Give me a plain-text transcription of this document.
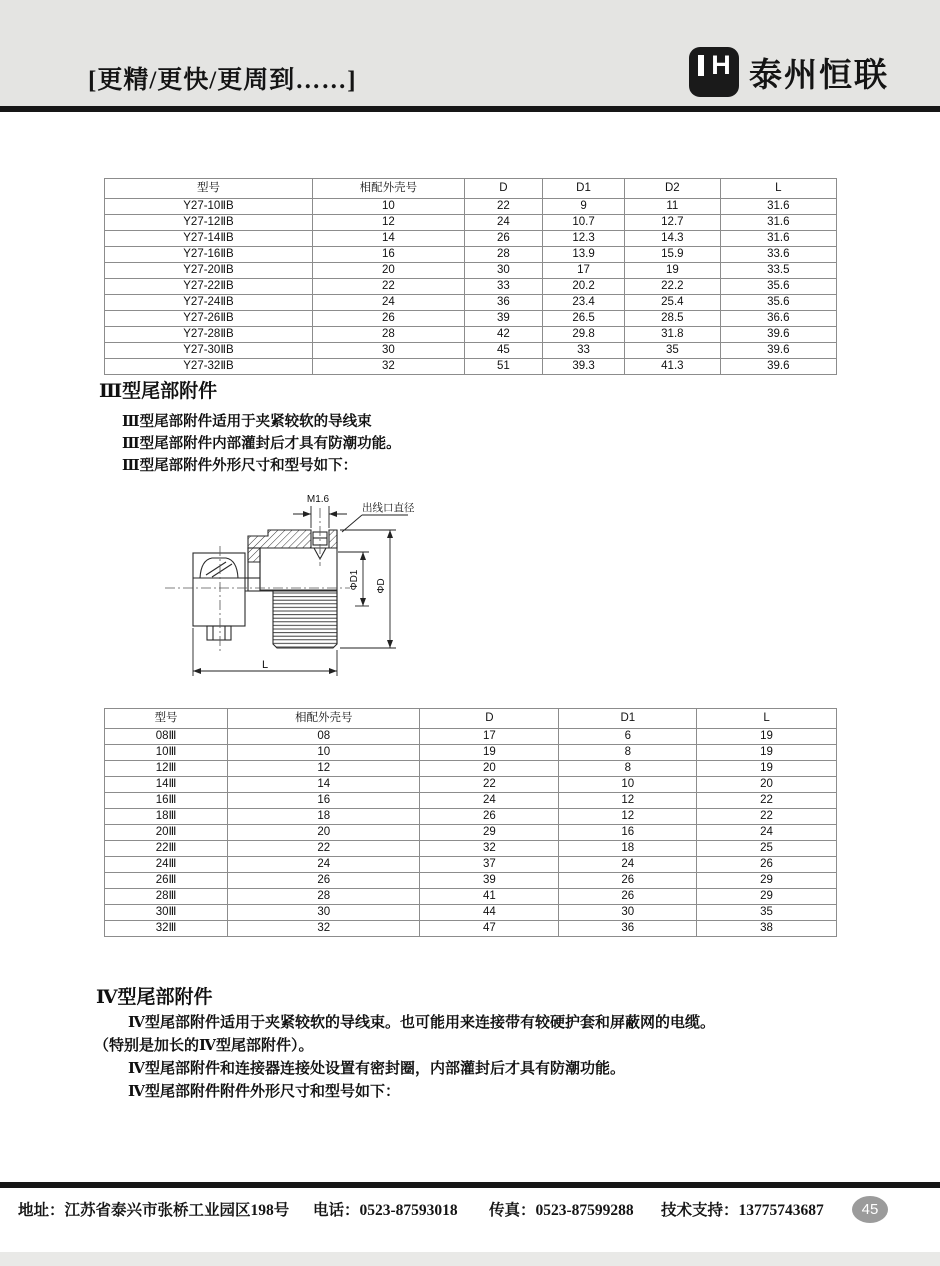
[更精/更快/更周到……]
H 泰州恒联
型号	相配外壳号	D	D1	D2	L
Y27-10ⅡB	10	22	9	11	31.6
Y27-12ⅡB	12	24	10.7	12.7	31.6
Y27-14ⅡB	14	26	12.3	14.3	31.6
Y27-16ⅡB	16	28	13.9	15.9	33.6
Y27-20ⅡB	20	30	17	19	33.5
Y27-22ⅡB	22	33	20.2	22.2	35.6
Y27-24ⅡB	24	36	23.4	25.4	35.6
Y27-26ⅡB	26	39	26.5	28.5	36.6
Y27-28ⅡB	28	42	29.8	31.8	39.6
Y27-30ⅡB	30	45	33	35	39.6
Y27-32ⅡB	32	51	39.3	41.3	39.6
Ⅲ型尾部附件
Ⅲ型尾部附件适用于夹紧较软的导线束
Ⅲ型尾部附件内部灌封后才具有防潮功能。
Ⅲ型尾部附件外形尺寸和型号如下：
M1.6
出线口直径
ΦD1 ΦD
L
型号	相配外壳号	D	D1	L
08Ⅲ	08	17	6	19
10Ⅲ	10	19	8	19
12Ⅲ	12	20	8	19
14Ⅲ	14	22	10	20
16Ⅲ	16	24	12	22
18Ⅲ	18	26	12	22
20Ⅲ	20	29	16	24
22Ⅲ	22	32	18	25
24Ⅲ	24	37	24	26
26Ⅲ	26	39	26	29
28Ⅲ	28	41	26	29
30Ⅲ	30	44	30	35
32Ⅲ	32	47	36	38
Ⅳ型尾部附件
Ⅳ型尾部附件适用于夹紧较软的导线束。也可能用来连接带有较硬护套和屏蔽网的电缆。
（特别是加长的Ⅳ型尾部附件）。
Ⅳ型尾部附件和连接器连接处设置有密封圈，内部灌封后才具有防潮功能。
Ⅳ型尾部附件附件外形尺寸和型号如下：
地址：江苏省泰兴市张桥工业园区198号 电话：0523-87593018 传真：0523-87599288 技术支持：13775743687	45
